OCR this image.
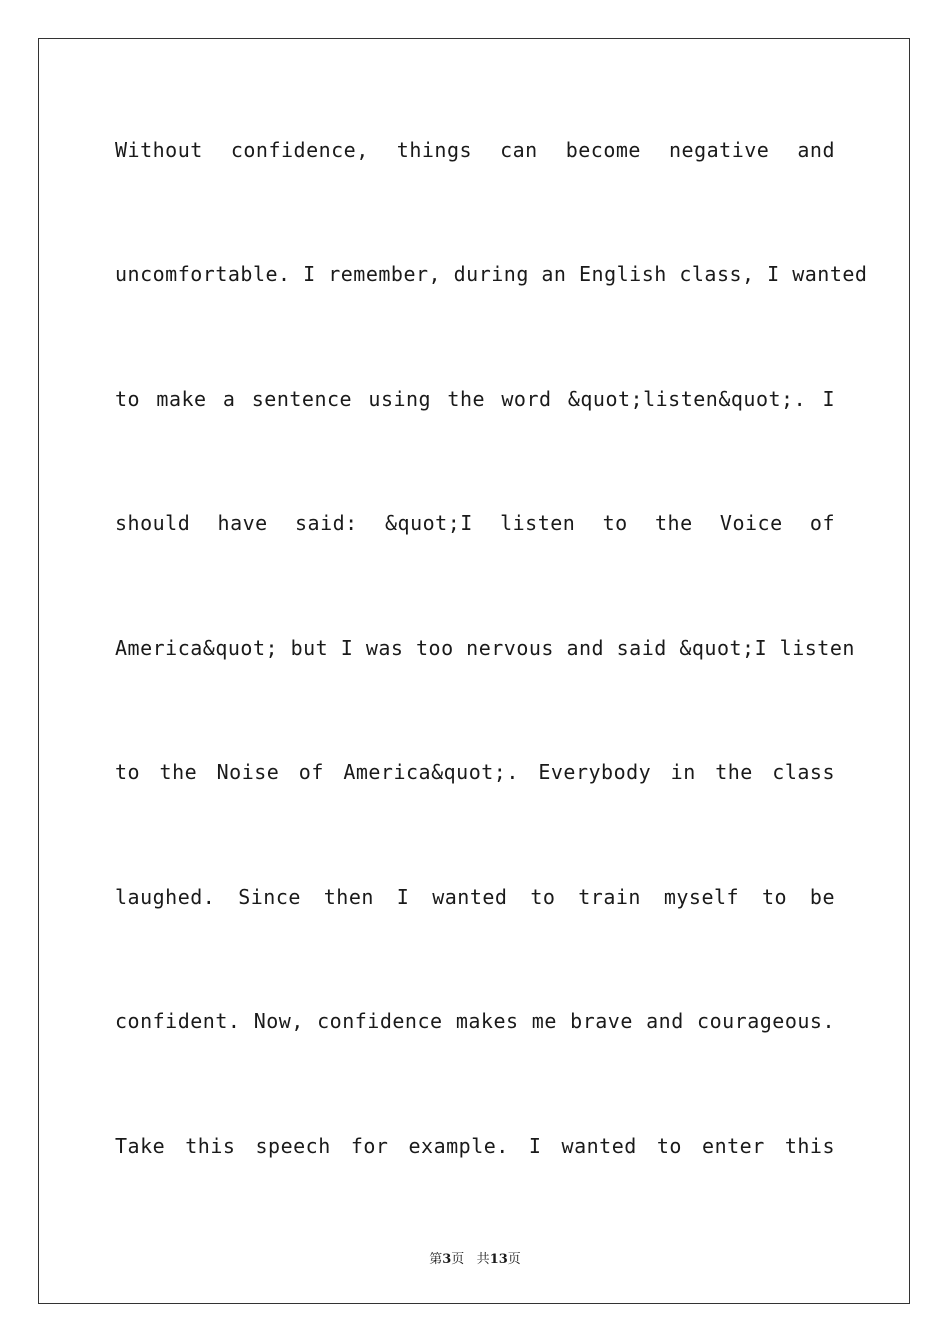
Without confidence, things can become negative and
uncomfortable. I remember, during an English class, I wanted
to make a sentence using the word &quot;listen&quot;. I
should have said: &quot;I listen to the Voice of
America&quot; but I was too nervous and said &quot;I listen
to the Noise of America&quot;. Everybody in the class
laughed. Since then I wanted to train myself to be
confident. Now, confidence makes me brave and courageous.
Take this speech for example. I wanted to enter this
第3页 共13页
